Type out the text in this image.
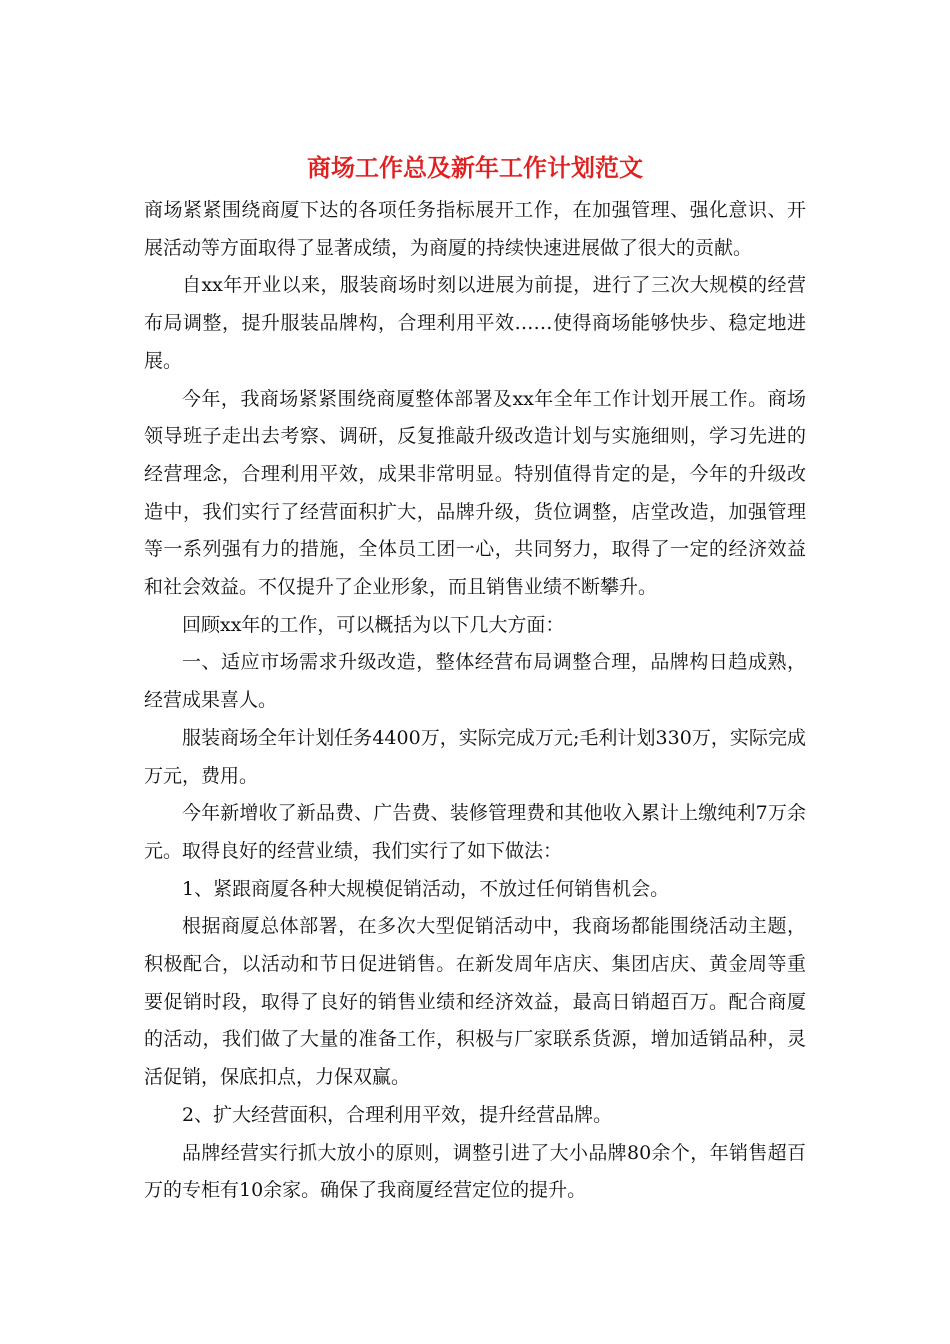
商场工作总及新年工作计划范文

商场紧紧围绕商厦下达的各项任务指标展开工作，在加强管理、强化意识、开展活动等方面取得了显著成绩，为商厦的持续快速进展做了很大的贡献。

自xx年开业以来，服装商场时刻以进展为前提，进行了三次大规模的经营布局调整，提升服装品牌构，合理利用平效……使得商场能够快步、稳定地进展。

今年，我商场紧紧围绕商厦整体部署及xx年全年工作计划开展工作。商场领导班子走出去考察、调研，反复推敲升级改造计划与实施细则，学习先进的经营理念，合理利用平效，成果非常明显。特别值得肯定的是，今年的升级改造中，我们实行了经营面积扩大，品牌升级，货位调整，店堂改造，加强管理等一系列强有力的措施，全体员工团一心，共同努力，取得了一定的经济效益和社会效益。不仅提升了企业形象，而且销售业绩不断攀升。

回顾xx年的工作，可以概括为以下几大方面：

一、适应市场需求升级改造，整体经营布局调整合理，品牌构日趋成熟，经营成果喜人。

服装商场全年计划任务4400万，实际完成万元;毛利计划330万，实际完成万元，费用。

今年新增收了新品费、广告费、装修管理费和其他收入累计上缴纯利7万余元。取得良好的经营业绩，我们实行了如下做法：

1、紧跟商厦各种大规模促销活动，不放过任何销售机会。

根据商厦总体部署，在多次大型促销活动中，我商场都能围绕活动主题，积极配合，以活动和节日促进销售。在新发周年店庆、集团店庆、黄金周等重要促销时段，取得了良好的销售业绩和经济效益，最高日销超百万。配合商厦的活动，我们做了大量的准备工作，积极与厂家联系货源，增加适销品种，灵活促销，保底扣点，力保双赢。

2、扩大经营面积，合理利用平效，提升经营品牌。

品牌经营实行抓大放小的原则，调整引进了大小品牌80余个，年销售超百万的专柜有10余家。确保了我商厦经营定位的提升。
